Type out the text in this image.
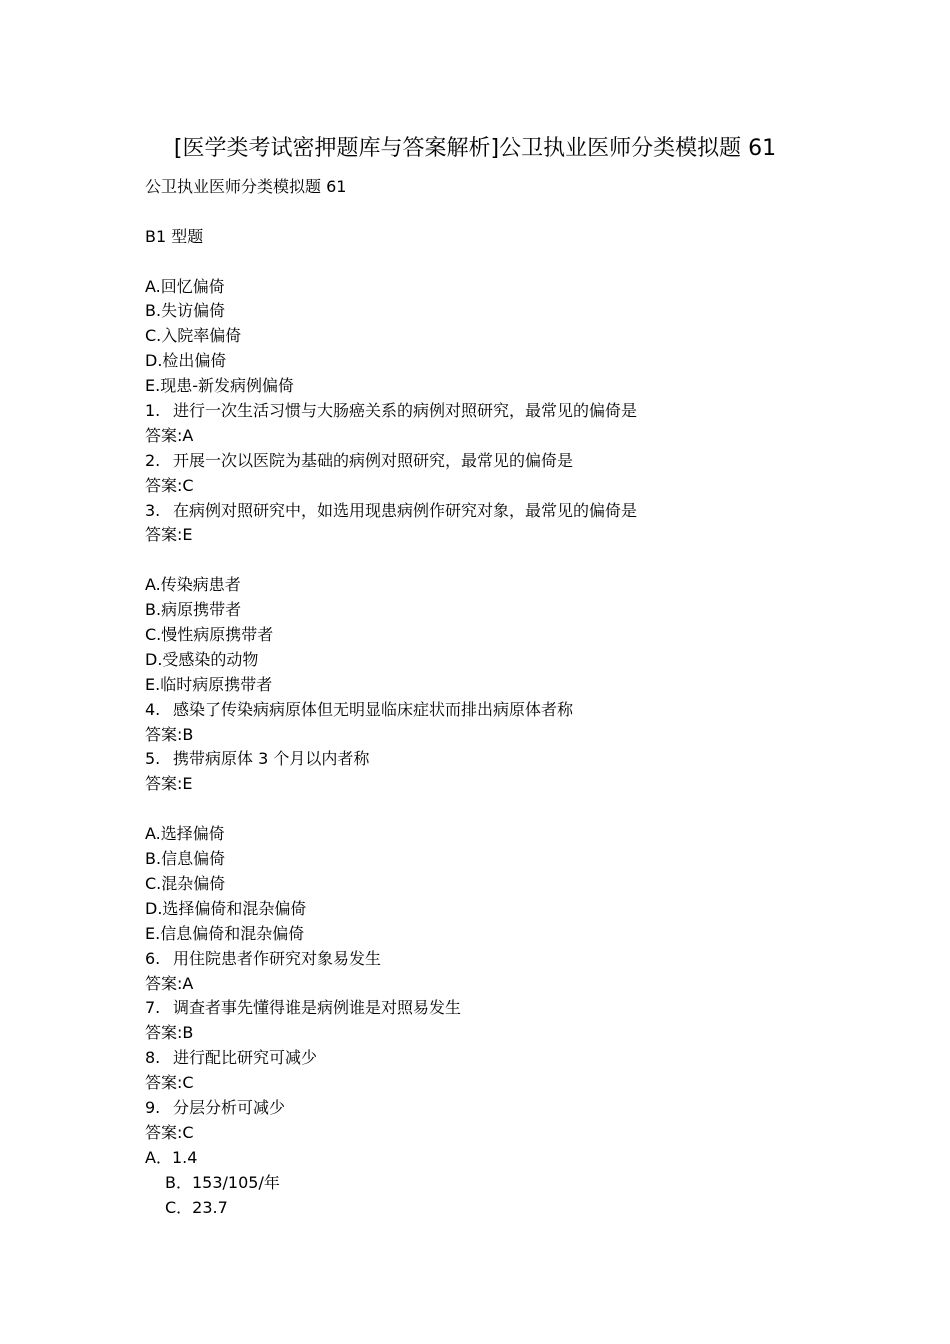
[医学类考试密押题库与答案解析]公卫执业医师分类模拟题 61
公卫执业医师分类模拟题 61
B1 型题
A.回忆偏倚
B.失访偏倚
C.入院率偏倚
D.检出偏倚
E.现患-新发病例偏倚
1. 进行一次生活习惯与大肠癌关系的病例对照研究，最常见的偏倚是
答案:A
2. 开展一次以医院为基础的病例对照研究，最常见的偏倚是
答案:C
3. 在病例对照研究中，如选用现患病例作研究对象，最常见的偏倚是
答案:E
A.传染病患者
B.病原携带者
C.慢性病原携带者
D.受感染的动物
E.临时病原携带者
4. 感染了传染病病原体但无明显临床症状而排出病原体者称
答案:B
5. 携带病原体 3 个月以内者称
答案:E
A.选择偏倚
B.信息偏倚
C.混杂偏倚
D.选择偏倚和混杂偏倚
E.信息偏倚和混杂偏倚
6. 用住院患者作研究对象易发生
答案:A
7. 调查者事先懂得谁是病例谁是对照易发生
答案:B
8. 进行配比研究可减少
答案:C
9. 分层分析可减少
答案:C
A．1.4
B．153/105/年
C．23.7
